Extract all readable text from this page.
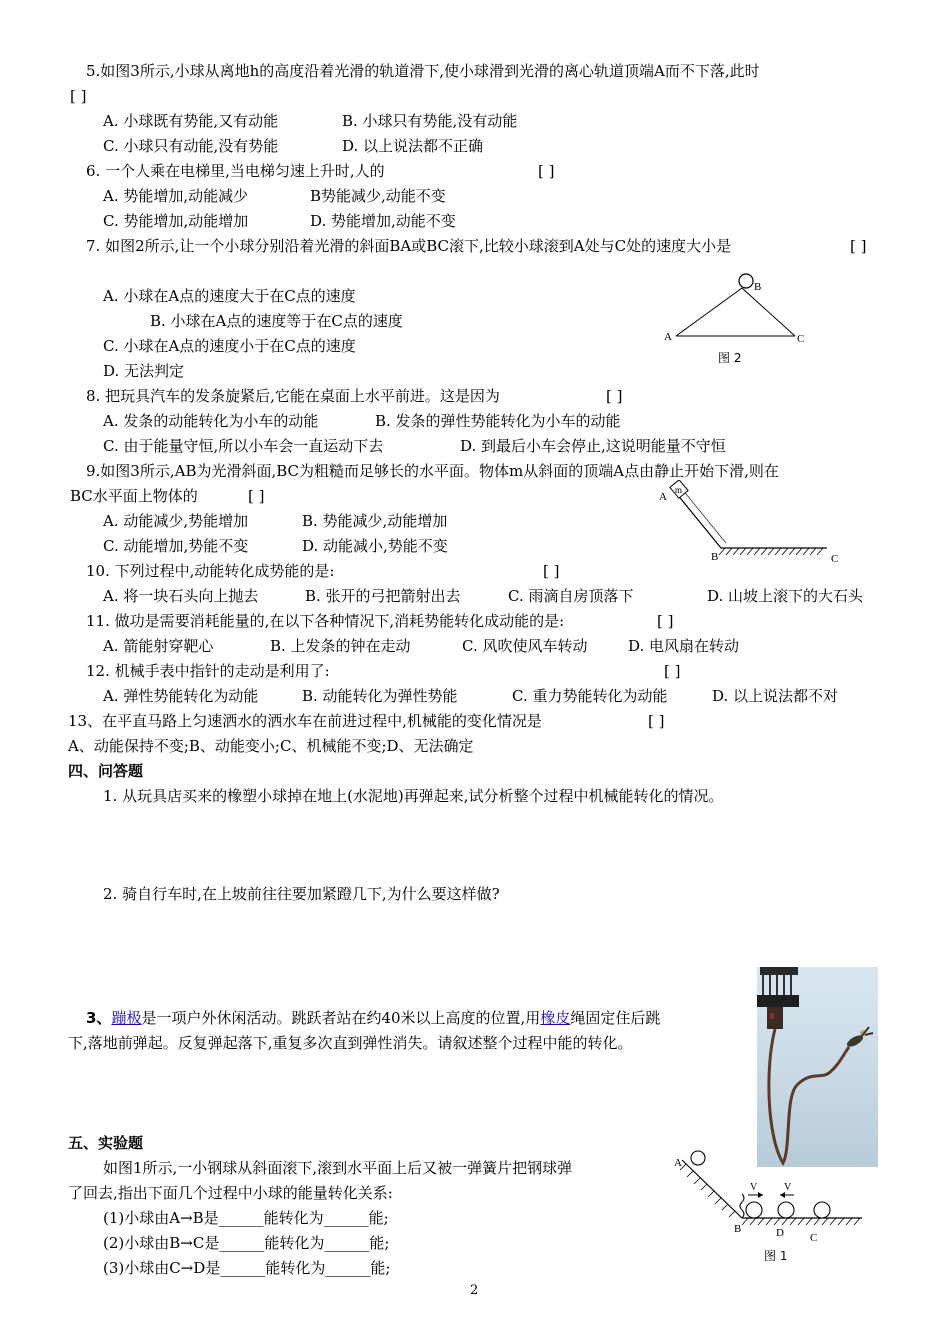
5.如图3所示,小球从离地h的高度沿着光滑的轨道滑下,使小球滑到光滑的离心轨道顶端A而不下落,此时
[ ]
A. 小球既有势能,又有动能	B. 小球只有势能,没有动能
C. 小球只有动能,没有势能	D. 以上说法都不正确
6. 一个人乘在电梯里,当电梯匀速上升时,人的	[ ]
A. 势能增加,动能减少	B势能减少,动能不变
C. 势能增加,动能增加	D. 势能增加,动能不变
7. 如图2所示,让一个小球分别沿着光滑的斜面BA或BC滚下,比较小球滚到A处与C处的速度大小是	[ ]
A. 小球在A点的速度大于在C点的速度
B. 小球在A点的速度等于在C点的速度
C. 小球在A点的速度小于在C点的速度
D. 无法判定
A
B
C
图 2
8. 把玩具汽车的发条旋紧后,它能在桌面上水平前进。这是因为	[ ]
A. 发条的动能转化为小车的动能	B. 发条的弹性势能转化为小车的动能
C. 由于能量守恒,所以小车会一直运动下去	D. 到最后小车会停止,这说明能量不守恒
9.如图3所示,AB为光滑斜面,BC为粗糙而足够长的水平面。物体m从斜面的顶端A点由静止开始下滑,则在
BC水平面上物体的	[ ]
A. 动能减少,势能增加	B. 势能减少,动能增加
C. 动能增加,势能不变	D. 动能减小,势能不变
m
A
B	C
10. 下列过程中,动能转化成势能的是:	[ ]
A. 将一块石头向上抛去	B. 张开的弓把箭射出去	C. 雨滴自房顶落下	D. 山坡上滚下的大石头
11. 做功是需要消耗能量的,在以下各种情况下,消耗势能转化成动能的是:	[ ]
A. 箭能射穿靶心	B. 上发条的钟在走动	C. 风吹使风车转动	D. 电风扇在转动
12. 机械手表中指针的走动是利用了:	[ ]
A. 弹性势能转化为动能	B. 动能转化为弹性势能	C. 重力势能转化为动能	D. 以上说法都不对
13、在平直马路上匀速洒水的洒水车在前进过程中,机械能的变化情况是	[ ]
A、动能保持不变;B、动能变小;C、机械能不变;D、无法确定
四、问答题
1. 从玩具店买来的橡塑小球掉在地上(水泥地)再弹起来,试分析整个过程中机械能转化的情况。
2. 骑自行车时,在上坡前往往要加紧蹬几下,为什么要这样做?
3、蹦极是一项户外休闲活动。跳跃者站在约40米以上高度的位置,用橡皮绳固定住后跳
下,落地前弹起。反复弹起落下,重复多次直到弹性消失。请叙述整个过程中能的转化。
五、实验题
如图1所示,一小钢球从斜面滚下,滚到水平面上后又被一弹簧片把钢球弹
了回去,指出下面几个过程中小球的能量转化关系:
(1)小球由A→B是______能转化为______能;
(2)小球由B→C是______能转化为______能;
(3)小球由C→D是______能转化为______能;
V	V
A
B	D C
图 1
2
